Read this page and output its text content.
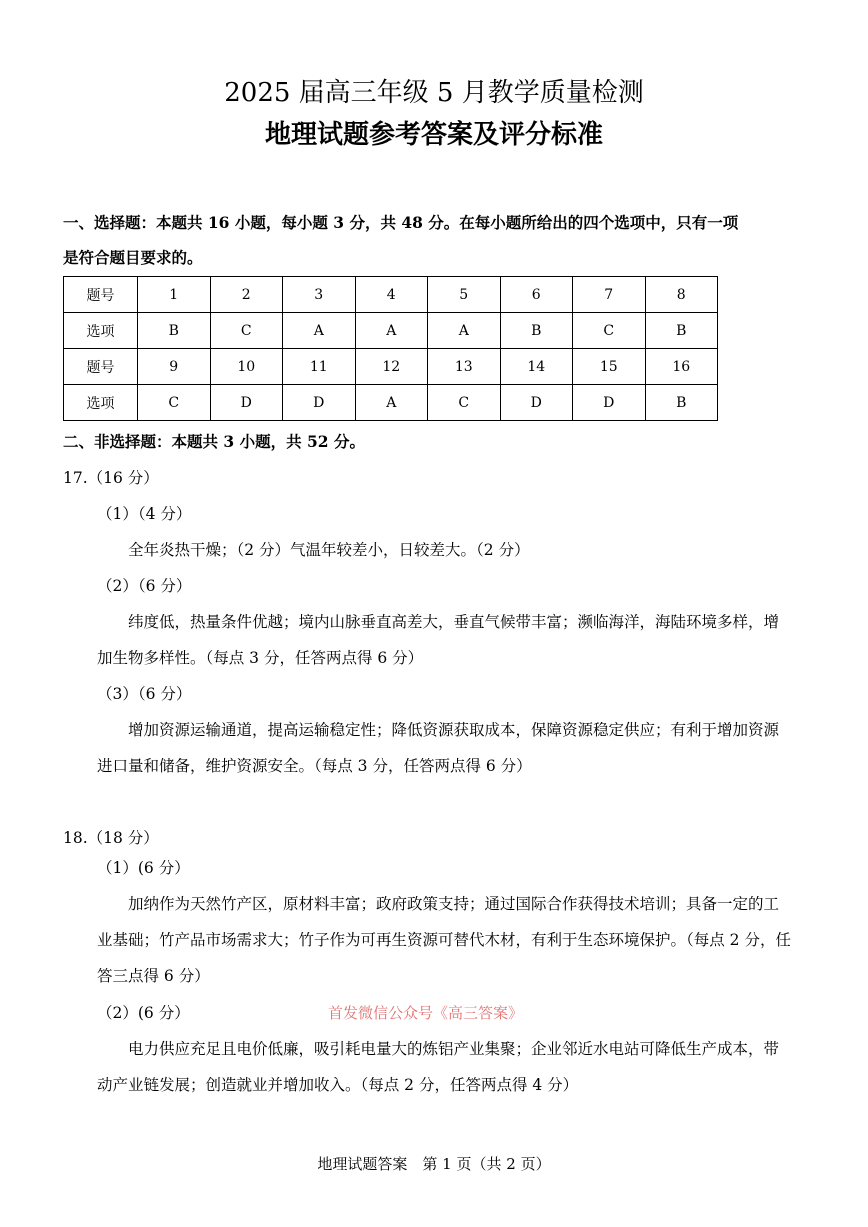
2025 届高三年级 5 月教学质量检测
地理试题参考答案及评分标准
一、选择题：本题共 16 小题，每小题 3 分，共 48 分。在每小题所给出的四个选项中，只有一项
是符合题目要求的。
题号	1	2	3	4	5	6	7	8
选项	B	C	A	A	A	B	C	B
题号	9	10	11	12	13	14	15	16
选项	C	D	D	A	C	D	D	B
二、非选择题：本题共 3 小题，共 52 分。
17.（16 分）
（1）（4 分）
全年炎热干燥；（2 分）气温年较差小，日较差大。（2 分）
（2）（6 分）
纬度低，热量条件优越；境内山脉垂直高差大，垂直气候带丰富；濒临海洋，海陆环境多样，增
加生物多样性。（每点 3 分，任答两点得 6 分）
（3）（6 分）
增加资源运输通道，提高运输稳定性；降低资源获取成本，保障资源稳定供应；有利于增加资源
进口量和储备，维护资源安全。（每点 3 分，任答两点得 6 分）
18.（18 分）
（1）(6 分）
加纳作为天然竹产区，原材料丰富；政府政策支持；通过国际合作获得技术培训；具备一定的工
业基础；竹产品市场需求大；竹子作为可再生资源可替代木材，有利于生态环境保护。（每点 2 分，任
答三点得 6 分）
（2）(6 分）	首发微信公众号《高三答案》
电力供应充足且电价低廉，吸引耗电量大的炼铝产业集聚；企业邻近水电站可降低生产成本，带
动产业链发展；创造就业并增加收入。（每点 2 分，任答两点得 4 分）
地理试题答案　第 1 页（共 2 页）
